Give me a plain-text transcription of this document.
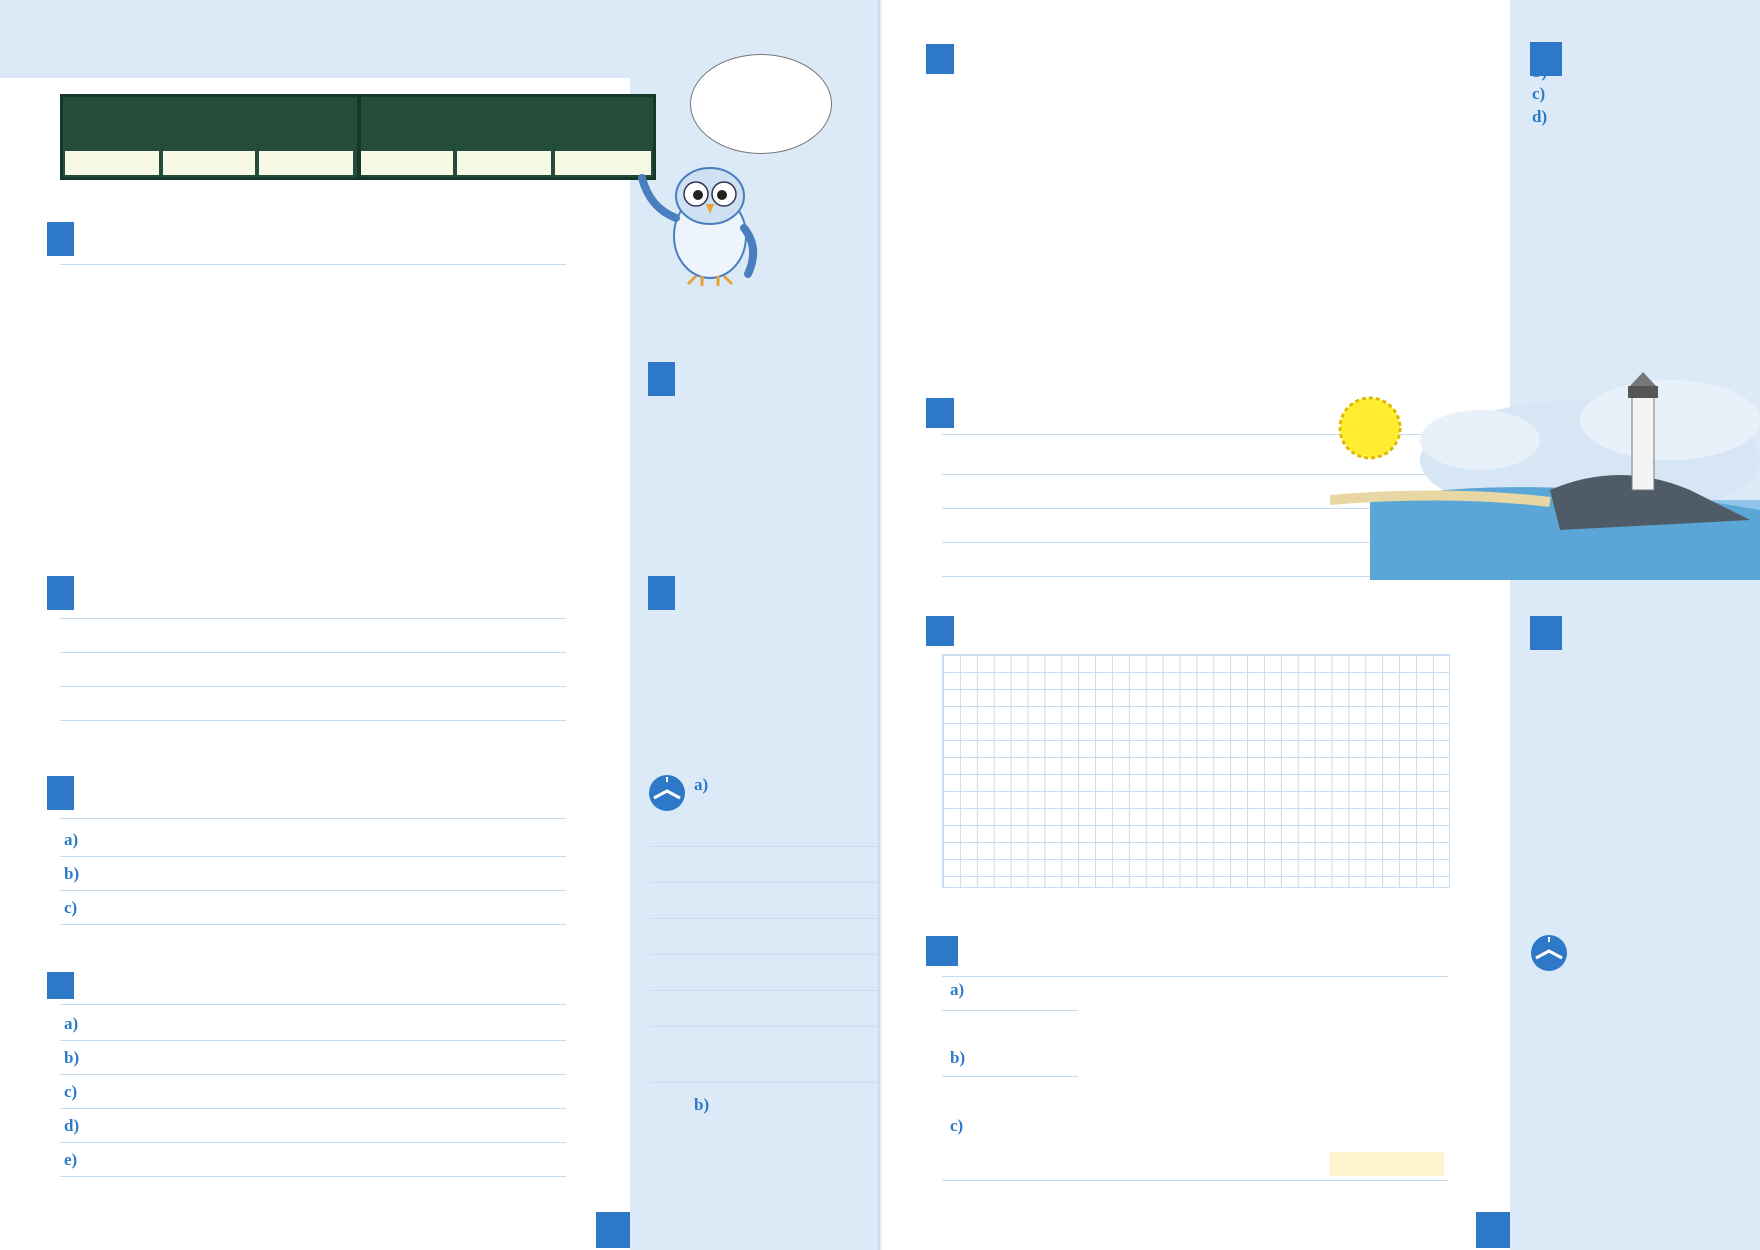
a)
b)
c)
a)
b)
c)
d)
e)
a)
b)
a)
b)
c)
a)
b)
c)
d)
